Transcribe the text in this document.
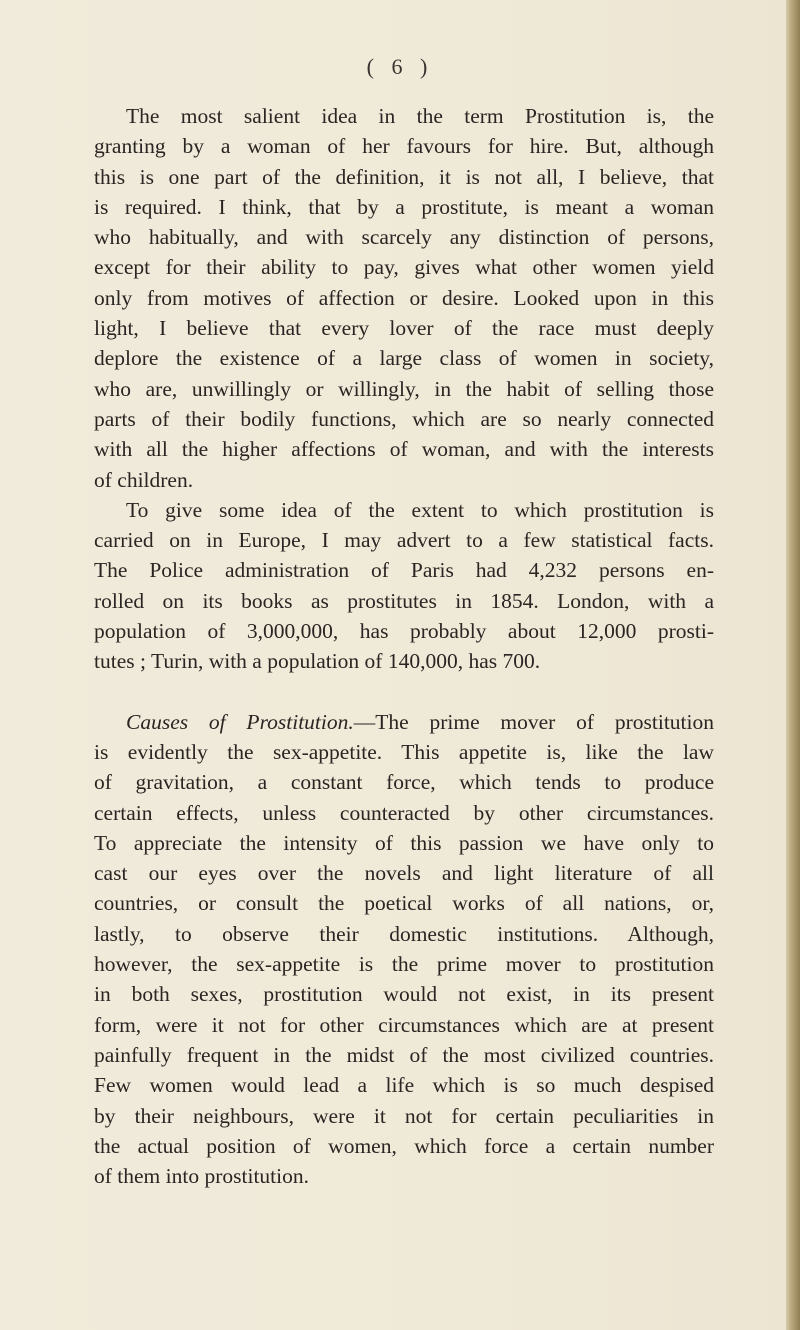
( 6 )
The most salient idea in the term Prostitution is, the
granting by a woman of her favours for hire. But, although
this is one part of the definition, it is not all, I believe, that
is required. I think, that by a prostitute, is meant a woman
who habitually, and with scarcely any distinction of persons,
except for their ability to pay, gives what other women yield
only from motives of affection or desire. Looked upon in this
light, I believe that every lover of the race must deeply
deplore the existence of a large class of women in society,
who are, unwillingly or willingly, in the habit of selling those
parts of their bodily functions, which are so nearly connected
with all the higher affections of woman, and with the interests
of children.
To give some idea of the extent to which prostitution is
carried on in Europe, I may advert to a few statistical facts.
The Police administration of Paris had 4,232 persons en-
rolled on its books as prostitutes in 1854. London, with a
population of 3,000,000, has probably about 12,000 prosti-
tutes ; Turin, with a population of 140,000, has 700.
Causes of Prostitution.—The prime mover of prostitution
is evidently the sex-appetite. This appetite is, like the law
of gravitation, a constant force, which tends to produce
certain effects, unless counteracted by other circumstances.
To appreciate the intensity of this passion we have only to
cast our eyes over the novels and light literature of all
countries, or consult the poetical works of all nations, or,
lastly, to observe their domestic institutions. Although,
however, the sex-appetite is the prime mover to prostitution
in both sexes, prostitution would not exist, in its present
form, were it not for other circumstances which are at present
painfully frequent in the midst of the most civilized countries.
Few women would lead a life which is so much despised
by their neighbours, were it not for certain peculiarities in
the actual position of women, which force a certain number
of them into prostitution.
